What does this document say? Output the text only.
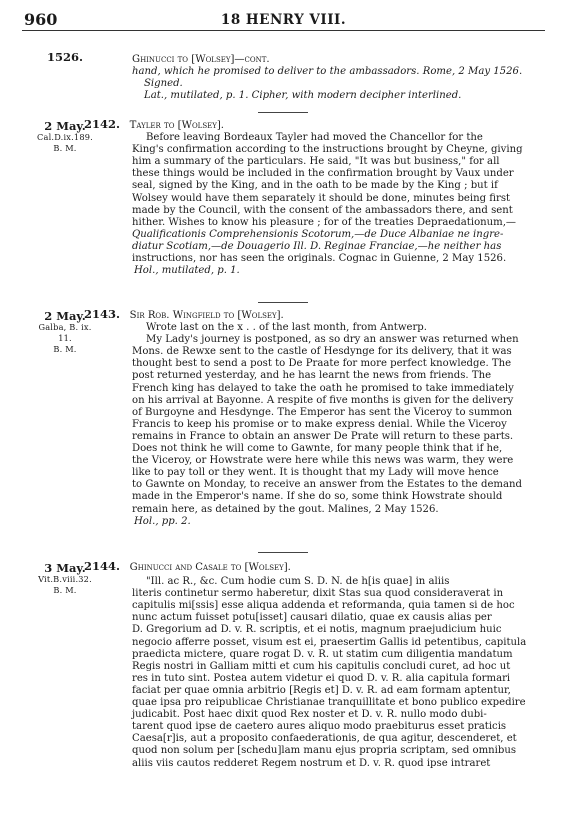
960	18 HENRY VIII.
1526.	Ghinucci to [Wolsey]—cont.

hand, which he promised to deliver to the ambassadors. Rome, 2 May 1526.

Signed.

Lat., mutilated, p. 1. Cipher, with modern decipher interlined.

2 May.
Cal.D.ix.189.
B. M.

2142. Tayler to [Wolsey].

Before leaving Bordeaux Tayler had moved the Chancellor for the

King's confirmation according to the instructions brought by Cheyne, giving

him a summary of the particulars. He said, "It was but business," for all

these things would be included in the confirmation brought by Vaux under

seal, signed by the King, and in the oath to be made by the King ; but if

Wolsey would have them separately it should be done, minutes being first

made by the Council, with the consent of the ambassadors there, and sent

hither. Wishes to know his pleasure ; for of the treaties Depraedationum,—

Qualificationis Comprehensionis Scotorum,—de Duce Albaniae ne ingre-

diatur Scotiam,—de Douagerio Ill. D. Reginae Franciae,—he neither has

instructions, nor has seen the originals. Cognac in Guienne, 2 May 1526.

Hol., mutilated, p. 1.

2 May.
Galba, B. ix.
11.
B. M.

2143. Sir Rob. Wingfield to [Wolsey].

Wrote last on the x . . of the last month, from Antwerp.

My Lady's journey is postponed, as so dry an answer was returned when

Mons. de Rewxe sent to the castle of Hesdynge for its delivery, that it was

thought best to send a post to De Praate for more perfect knowledge. The

post returned yesterday, and he has learnt the news from friends. The

French king has delayed to take the oath he promised to take immediately

on his arrival at Bayonne. A respite of five months is given for the delivery

of Burgoyne and Hesdynge. The Emperor has sent the Viceroy to summon

Francis to keep his promise or to make express denial. While the Viceroy

remains in France to obtain an answer De Prate will return to these parts.

Does not think he will come to Gawnte, for many people think that if he,

the Viceroy, or Howstrate were here while this news was warm, they were

like to pay toll or they went. It is thought that my Lady will move hence

to Gawnte on Monday, to receive an answer from the Estates to the demand

made in the Emperor's name. If she do so, some think Howstrate should

remain here, as detained by the gout. Malines, 2 May 1526.

Hol., pp. 2.

3 May.
Vit.B.viii.32.
B. M.

2144. Ghinucci and Casale to [Wolsey].

"Ill. ac R., &c. Cum hodie cum S. D. N. de h[is quae] in aliis

literis continetur sermo haberetur, dixit Stas sua quod consideraverat in

capitulis mi[ssis] esse aliqua addenda et reformanda, quia tamen si de hoc

nunc actum fuisset potu[isset] causari dilatio, quae ex causis alias per

D. Gregorium ad D. v. R. scriptis, et ei notis, magnum praejudicium huic

negocio afferre posset, visum est ei, praesertim Gallis id petentibus, capitula

praedicta mictere, quare rogat D. v. R. ut statim cum diligentia mandatum

Regis nostri in Galliam mitti et cum his capitulis concludi curet, ad hoc ut

res in tuto sint. Postea autem videtur ei quod D. v. R. alia capitula formari

faciat per quae omnia arbitrio [Regis et] D. v. R. ad eam formam aptentur,

quae ipsa pro reipublicae Christianae tranquillitate et bono publico expedire

judicabit. Post haec dixit quod Rex noster et D. v. R. nullo modo dubi-

tarent quod ipse de caetero aures aliquo modo praebiturus esset praticis

Caesa[r]is, aut a proposito confaederationis, de qua agitur, descenderet, et

quod non solum per [schedu]lam manu ejus propria scriptam, sed omnibus

aliis viis cautos redderet Regem nostrum et D. v. R. quod ipse intraret
